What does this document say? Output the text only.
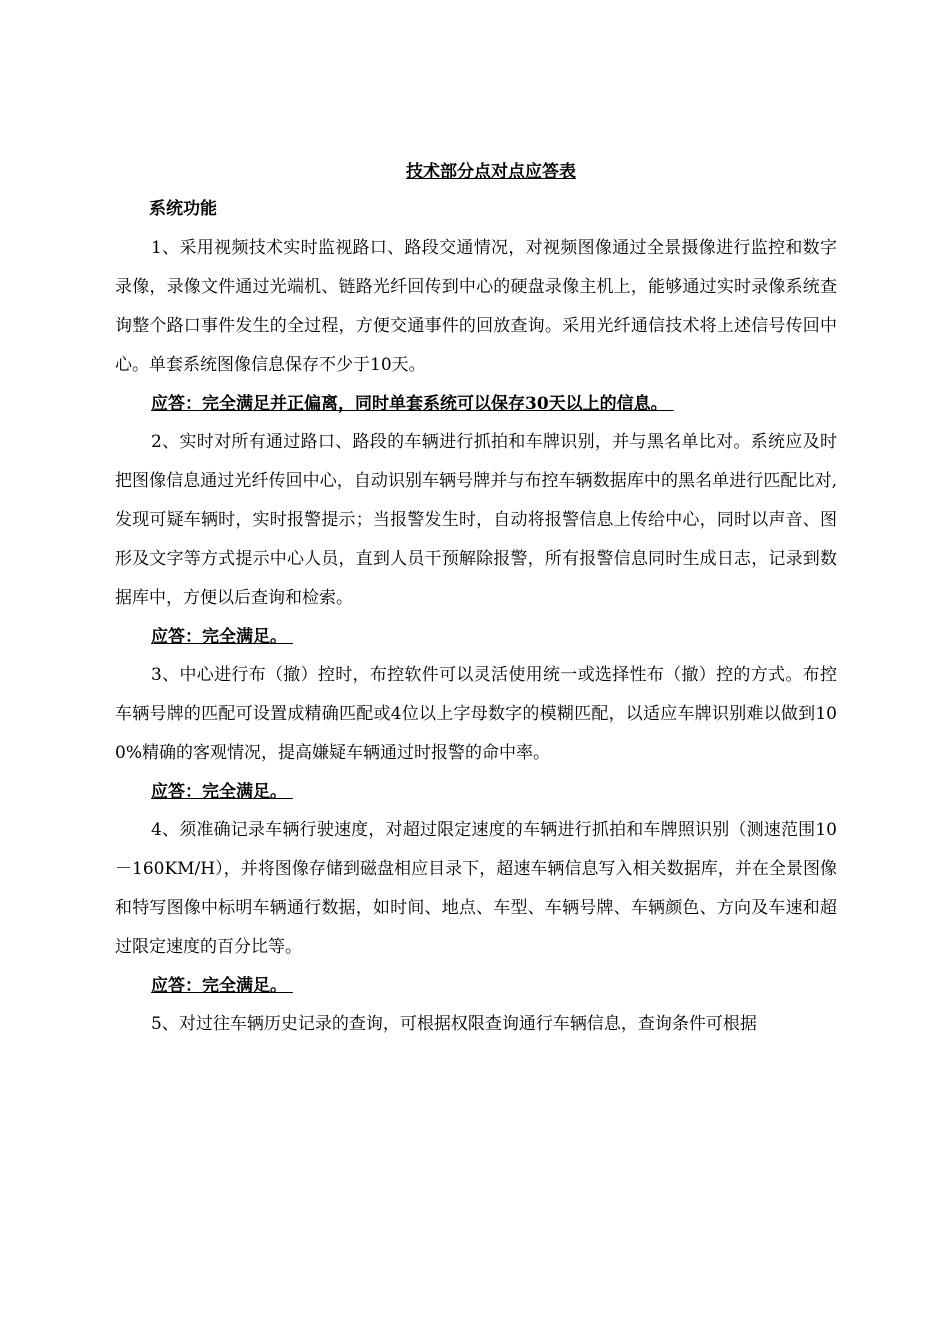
技术部分点对点应答表

系统功能

1、采用视频技术实时监视路口、路段交通情况，对视频图像通过全景摄像进行监控和数字录像，录像文件通过光端机、链路光纤回传到中心的硬盘录像主机上，能够通过实时录像系统查询整个路口事件发生的全过程，方便交通事件的回放查询。采用光纤通信技术将上述信号传回中心。单套系统图像信息保存不少于10天。

应答：完全满足并正偏离，同时单套系统可以保存30天以上的信息。

2、实时对所有通过路口、路段的车辆进行抓拍和车牌识别，并与黑名单比对。系统应及时把图像信息通过光纤传回中心，自动识别车辆号牌并与布控车辆数据库中的黑名单进行匹配比对,发现可疑车辆时，实时报警提示；当报警发生时，自动将报警信息上传给中心，同时以声音、图形及文字等方式提示中心人员，直到人员干预解除报警，所有报警信息同时生成日志，记录到数据库中，方便以后查询和检索。

应答：完全满足。

3、中心进行布（撤）控时，布控软件可以灵活使用统一或选择性布（撤）控的方式。布控车辆号牌的匹配可设置成精确匹配或4位以上字母数字的模糊匹配，以适应车牌识别难以做到100%精确的客观情况，提高嫌疑车辆通过时报警的命中率。

应答：完全满足。

4、须准确记录车辆行驶速度，对超过限定速度的车辆进行抓拍和车牌照识别（测速范围10－160KM/H），并将图像存储到磁盘相应目录下，超速车辆信息写入相关数据库，并在全景图像和特写图像中标明车辆通行数据，如时间、地点、车型、车辆号牌、车辆颜色、方向及车速和超过限定速度的百分比等。

应答：完全满足。

5、对过往车辆历史记录的查询，可根据权限查询通行车辆信息，查询条件可根据
